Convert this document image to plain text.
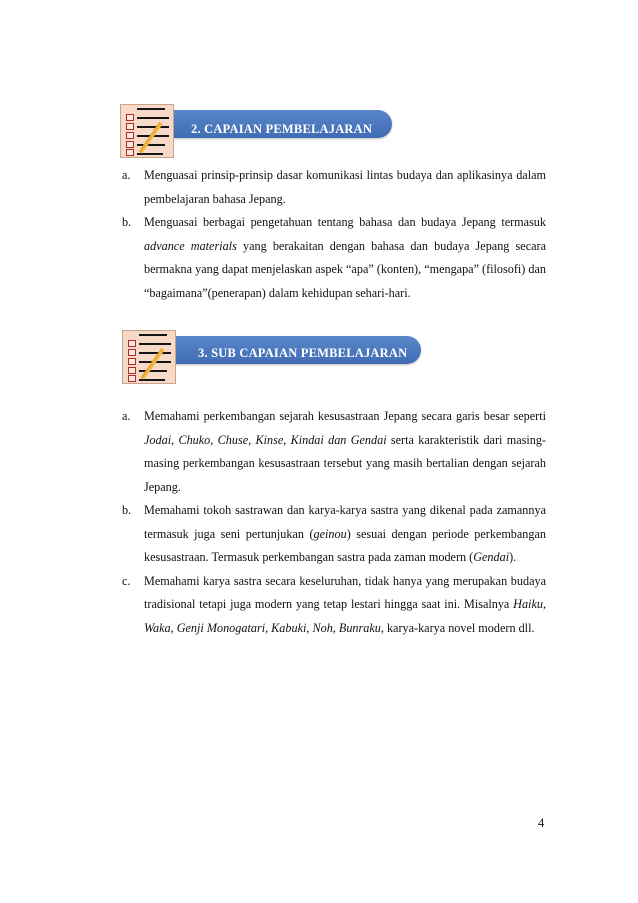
2. CAPAIAN PEMBELAJARAN
a. Menguasai prinsip-prinsip dasar komunikasi lintas budaya dan aplikasinya dalam pembelajaran bahasa Jepang.

b. Menguasai berbagai pengetahuan tentang bahasa dan budaya Jepang termasuk advance materials yang berakaitan dengan bahasa dan budaya Jepang secara bermakna yang dapat menjelaskan aspek “apa” (konten), “mengapa” (filosofi) dan “bagaimana”(penerapan) dalam kehidupan sehari-hari.

3. SUB CAPAIAN PEMBELAJARAN
a. Memahami perkembangan sejarah kesusastraan Jepang secara garis besar seperti Jodai, Chuko, Chuse, Kinse, Kindai dan Gendai serta karakteristik dari masing-masing perkembangan kesusastraan tersebut yang masih bertalian dengan sejarah Jepang.

b. Memahami tokoh sastrawan dan karya-karya sastra yang dikenal pada zamannya termasuk juga seni pertunjukan (geinou) sesuai dengan periode perkembangan kesusastraan. Termasuk perkembangan sastra pada zaman modern (Gendai).

c. Memahami karya sastra secara keseluruhan, tidak hanya yang merupakan budaya tradisional tetapi juga modern yang tetap lestari hingga saat ini. Misalnya Haiku, Waka, Genji Monogatari, Kabuki, Noh, Bunraku, karya-karya novel modern dll.

4
